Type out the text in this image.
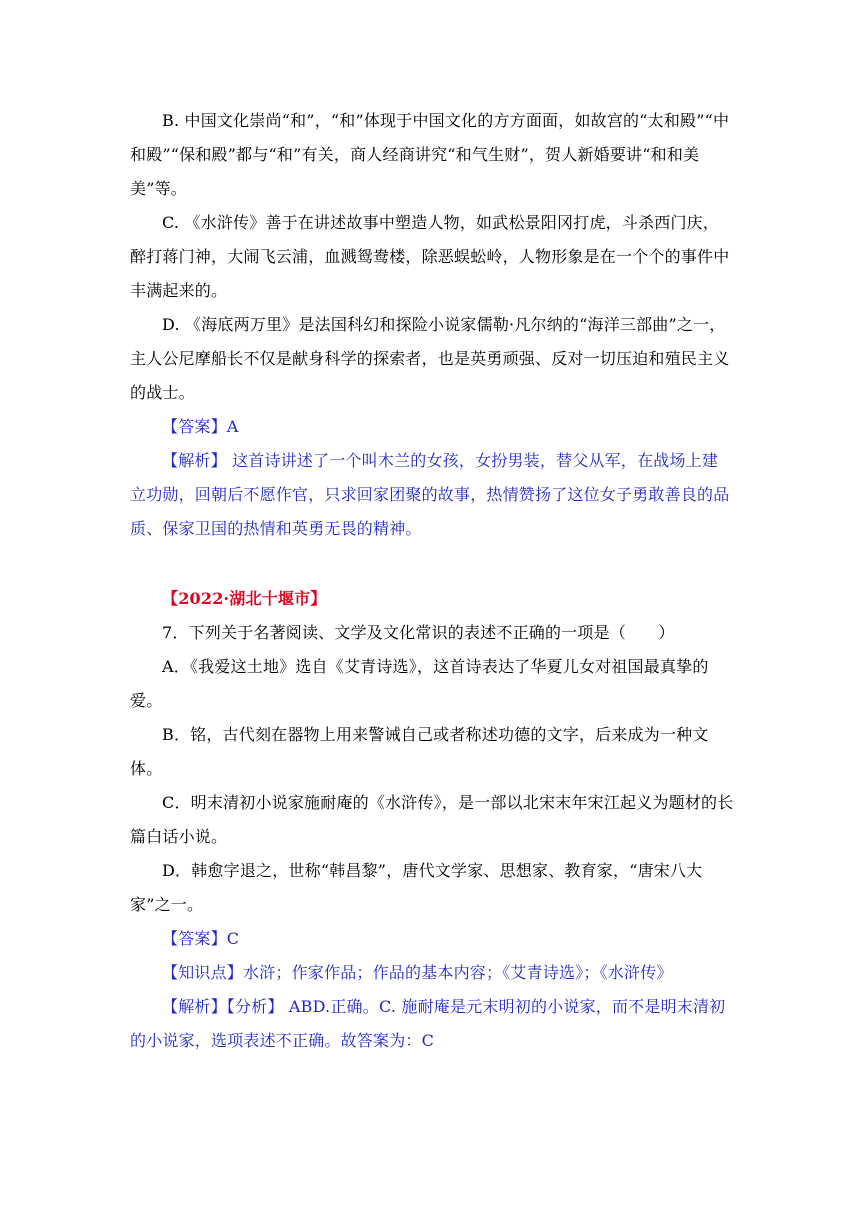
B. 中国文化崇尚“和”，“和”体现于中国文化的方方面面，如故宫的“太和殿”“中和殿”“保和殿”都与“和”有关，商人经商讲究“和气生财”，贺人新婚要讲“和和美美”等。

C. 《水浒传》善于在讲述故事中塑造人物，如武松景阳冈打虎，斗杀西门庆，醉打蒋门神，大闹飞云浦，血溅鸳鸯楼，除恶蜈蚣岭，人物形象是在一个个的事件中丰满起来的。

D. 《海底两万里》是法国科幻和探险小说家儒勒·凡尔纳的“海洋三部曲”之一，主人公尼摩船长不仅是献身科学的探索者，也是英勇顽强、反对一切压迫和殖民主义的战士。

【答案】A

【解析】 这首诗讲述了一个叫木兰的女孩，女扮男装，替父从军，在战场上建立功勋，回朝后不愿作官，只求回家团聚的故事，热情赞扬了这位女子勇敢善良的品质、保家卫国的热情和英勇无畏的精神。

【2022·湖北十堰市】

7．下列关于名著阅读、文学及文化常识的表述不正确的一项是（　　）

A．《我爱这土地》选自《艾青诗选》，这首诗表达了华夏儿女对祖国最真挚的爱。

B．铭，古代刻在器物上用来警诫自己或者称述功德的文字，后来成为一种文体。

C．明末清初小说家施耐庵的《水浒传》，是一部以北宋末年宋江起义为题材的长篇白话小说。

D．韩愈字退之，世称“韩昌黎”，唐代文学家、思想家、教育家，“唐宋八大家”之一。

【答案】C

【知识点】水浒；作家作品；作品的基本内容；《艾青诗选》；《水浒传》

【解析】【分析】 ABD.正确。C. 施耐庵是元末明初的小说家，而不是明末清初的小说家，选项表述不正确。故答案为：C
